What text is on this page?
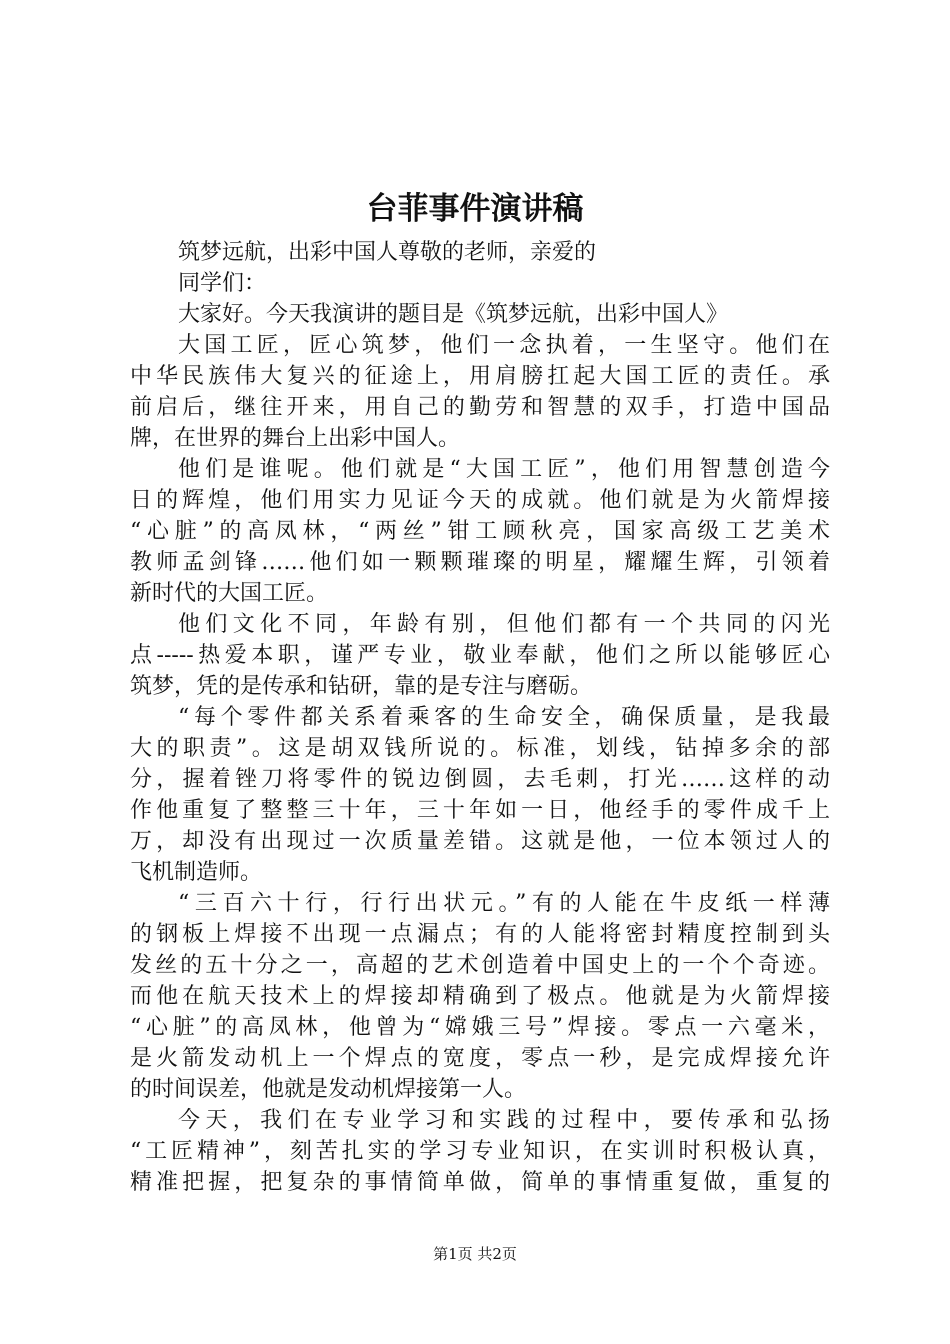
台菲事件演讲稿
筑梦远航，出彩中国人尊敬的老师，亲爱的
同学们：
大家好。今天我演讲的题目是《筑梦远航，出彩中国人》
大国工匠，匠心筑梦，他们一念执着，一生坚守。他们在
中华民族伟大复兴的征途上，用肩膀扛起大国工匠的责任。承
前启后，继往开来，用自己的勤劳和智慧的双手，打造中国品
牌，在世界的舞台上出彩中国人。
他们是谁呢。他们就是“大国工匠”，他们用智慧创造今
日的辉煌，他们用实力见证今天的成就。他们就是为火箭焊接
“心脏”的高凤林，“两丝”钳工顾秋亮，国家高级工艺美术
教师孟剑锋……他们如一颗颗璀璨的明星，耀耀生辉，引领着
新时代的大国工匠。
他们文化不同，年龄有别，但他们都有一个共同的闪光
点-----热爱本职，谨严专业，敬业奉献，他们之所以能够匠心
筑梦，凭的是传承和钻研，靠的是专注与磨砺。
“每个零件都关系着乘客的生命安全，确保质量，是我最
大的职责”。这是胡双钱所说的。标准，划线，钻掉多余的部
分，握着锉刀将零件的锐边倒圆，去毛刺，打光……这样的动
作他重复了整整三十年，三十年如一日，他经手的零件成千上
万，却没有出现过一次质量差错。这就是他，一位本领过人的
飞机制造师。
“三百六十行，行行出状元。”有的人能在牛皮纸一样薄
的钢板上焊接不出现一点漏点；有的人能将密封精度控制到头
发丝的五十分之一，高超的艺术创造着中国史上的一个个奇迹。
而他在航天技术上的焊接却精确到了极点。他就是为火箭焊接
“心脏”的高凤林，他曾为“嫦娥三号”焊接。零点一六毫米，
是火箭发动机上一个焊点的宽度，零点一秒，是完成焊接允许
的时间误差，他就是发动机焊接第一人。
今天，我们在专业学习和实践的过程中，要传承和弘扬
“工匠精神”，刻苦扎实的学习专业知识，在实训时积极认真，
精准把握，把复杂的事情简单做，简单的事情重复做，重复的
第1页 共2页
